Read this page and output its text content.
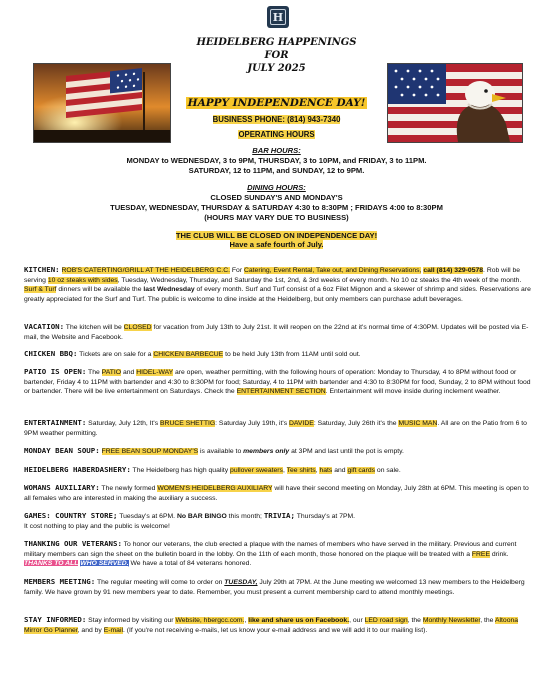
H
HEIDELBERG HAPPENINGS
FOR
JULY 2025
HAPPY INDEPENDENCE DAY!
BUSINESS PHONE: (814) 943-7340
OPERATING HOURS
BAR HOURS:
MONDAY to WEDNESDAY, 3 to 9PM, THURSDAY, 3 to 10PM, and FRIDAY, 3 to 11PM.
SATURDAY, 12 to 11PM, and SUNDAY, 12 to 9PM.
DINING HOURS:
CLOSED SUNDAY'S AND MONDAY'S
TUESDAY, WEDNESDAY, THURSDAY & SATURDAY 4:30 to 8:30PM ; FRIDAYS 4:00 to 8:30PM
(HOURS MAY VARY DUE TO BUSINESS)
THE CLUB WILL BE CLOSED ON INDEPENDENCE DAY!
Have a safe fourth of July.
KITCHEN: ROB'S CATERTING/GRILL AT THE HEIDELBERG C.C. For Catering, Event Rental, Take out, and Dining Reservations, call (814) 329-0578. Rob will be serving 10 oz steaks with sides, Tuesday, Wednesday, Thursday, and Saturday the 1st, 2nd, & 3rd weeks of every month. No 10 oz steaks the 4th week of the month. Surf & Turf dinners will be available the last Wednesday of every month. Surf and Turf consist of a 6oz Filet Mignon and a skewer of shrimp and sides. Reservations are greatly appreciated for the Surf and Turf. The public is welcome to dine inside at the Heidelberg, but only members can purchase adult beverages.
VACATION: The kitchen will be CLOSED for vacation from July 13th to July 21st. It will reopen on the 22nd at it's normal time of 4:30PM. Updates will be posted via E-mail, the Website and Facebook.
CHICKEN BBQ: Tickets are on sale for a CHICKEN BARBECUE to be held July 13th from 11AM until sold out.
PATIO IS OPEN: The PATIO and HIDEL-WAY are open, weather permitting, with the following hours of operation: Monday to Thursday, 4 to 8PM without food or bartender, Friday 4 to 11PM with bartender and 4:30 to 8:30PM for food; Saturday, 4 to 11PM with bartender and 4:30 to 8:30PM for food, Sunday, 2 to 8PM without food or bartender. There will be live entertainment on Saturdays. Check the ENTERTAINMENT SECTION. Entertainment will move inside during inclement weather.
ENTERTAINMENT: Saturday, July 12th, It's BRUCE SHETTIG: Saturday July 19th, it's DAVIDE: Saturday, July 26th it's the MUSIC MAN. All are on the Patio from 6 to 9PM weather permitting.
MONDAY BEAN SOUP: FREE BEAN SOUP MONDAY'S is available to members only at 3PM and last until the pot is empty.
HEIDELBERG HABERDASHERY: The Heidelberg has high quality pullover sweaters, Tee shirts, hats and gift cards on sale.
WOMANS AUXILIARY: The newly formed WOMEN'S HEIDELBERG AUXILIARY will have their second meeting on Monday, July 28th at 6PM. This meeting is open to all females who are interested in making the auxiliary a success.
GAMES: COUNTRY STORE; Tuesday's at 6PM. No BAR BINGO this month; TRIVIA; Thursday's at 7PM.
It cost nothing to play and the public is welcome!
THANKING OUR VETERANS: To honor our veterans, the club erected a plaque with the names of members who have served in the military. Previous and current military members can sign the sheet on the bulletin board in the lobby. On the 11th of each month, those honored on the plaque will be treated with a FREE drink. THANKS TO ALL WHO SERVED. We have a total of 84 veterans honored.
MEMBERS MEETING: The regular meeting will come to order on TUESDAY, July 29th at 7PM. At the June meeting we welcomed 13 new members to the Heidelberg family. We have grown by 91 new members year to date. Remember, you must present a current membership card to attend monthly meetings.
STAY INFORMED: Stay informed by visiting our Website, hbergcc.com., like and share us on Facebook., our LED road sign, the Monthly Newsletter, the Altoona Mirror Go Planner, and by E-mail. (If you're not receiving e-mails, let us know your e-mail address and we will add it to our mailing list).
